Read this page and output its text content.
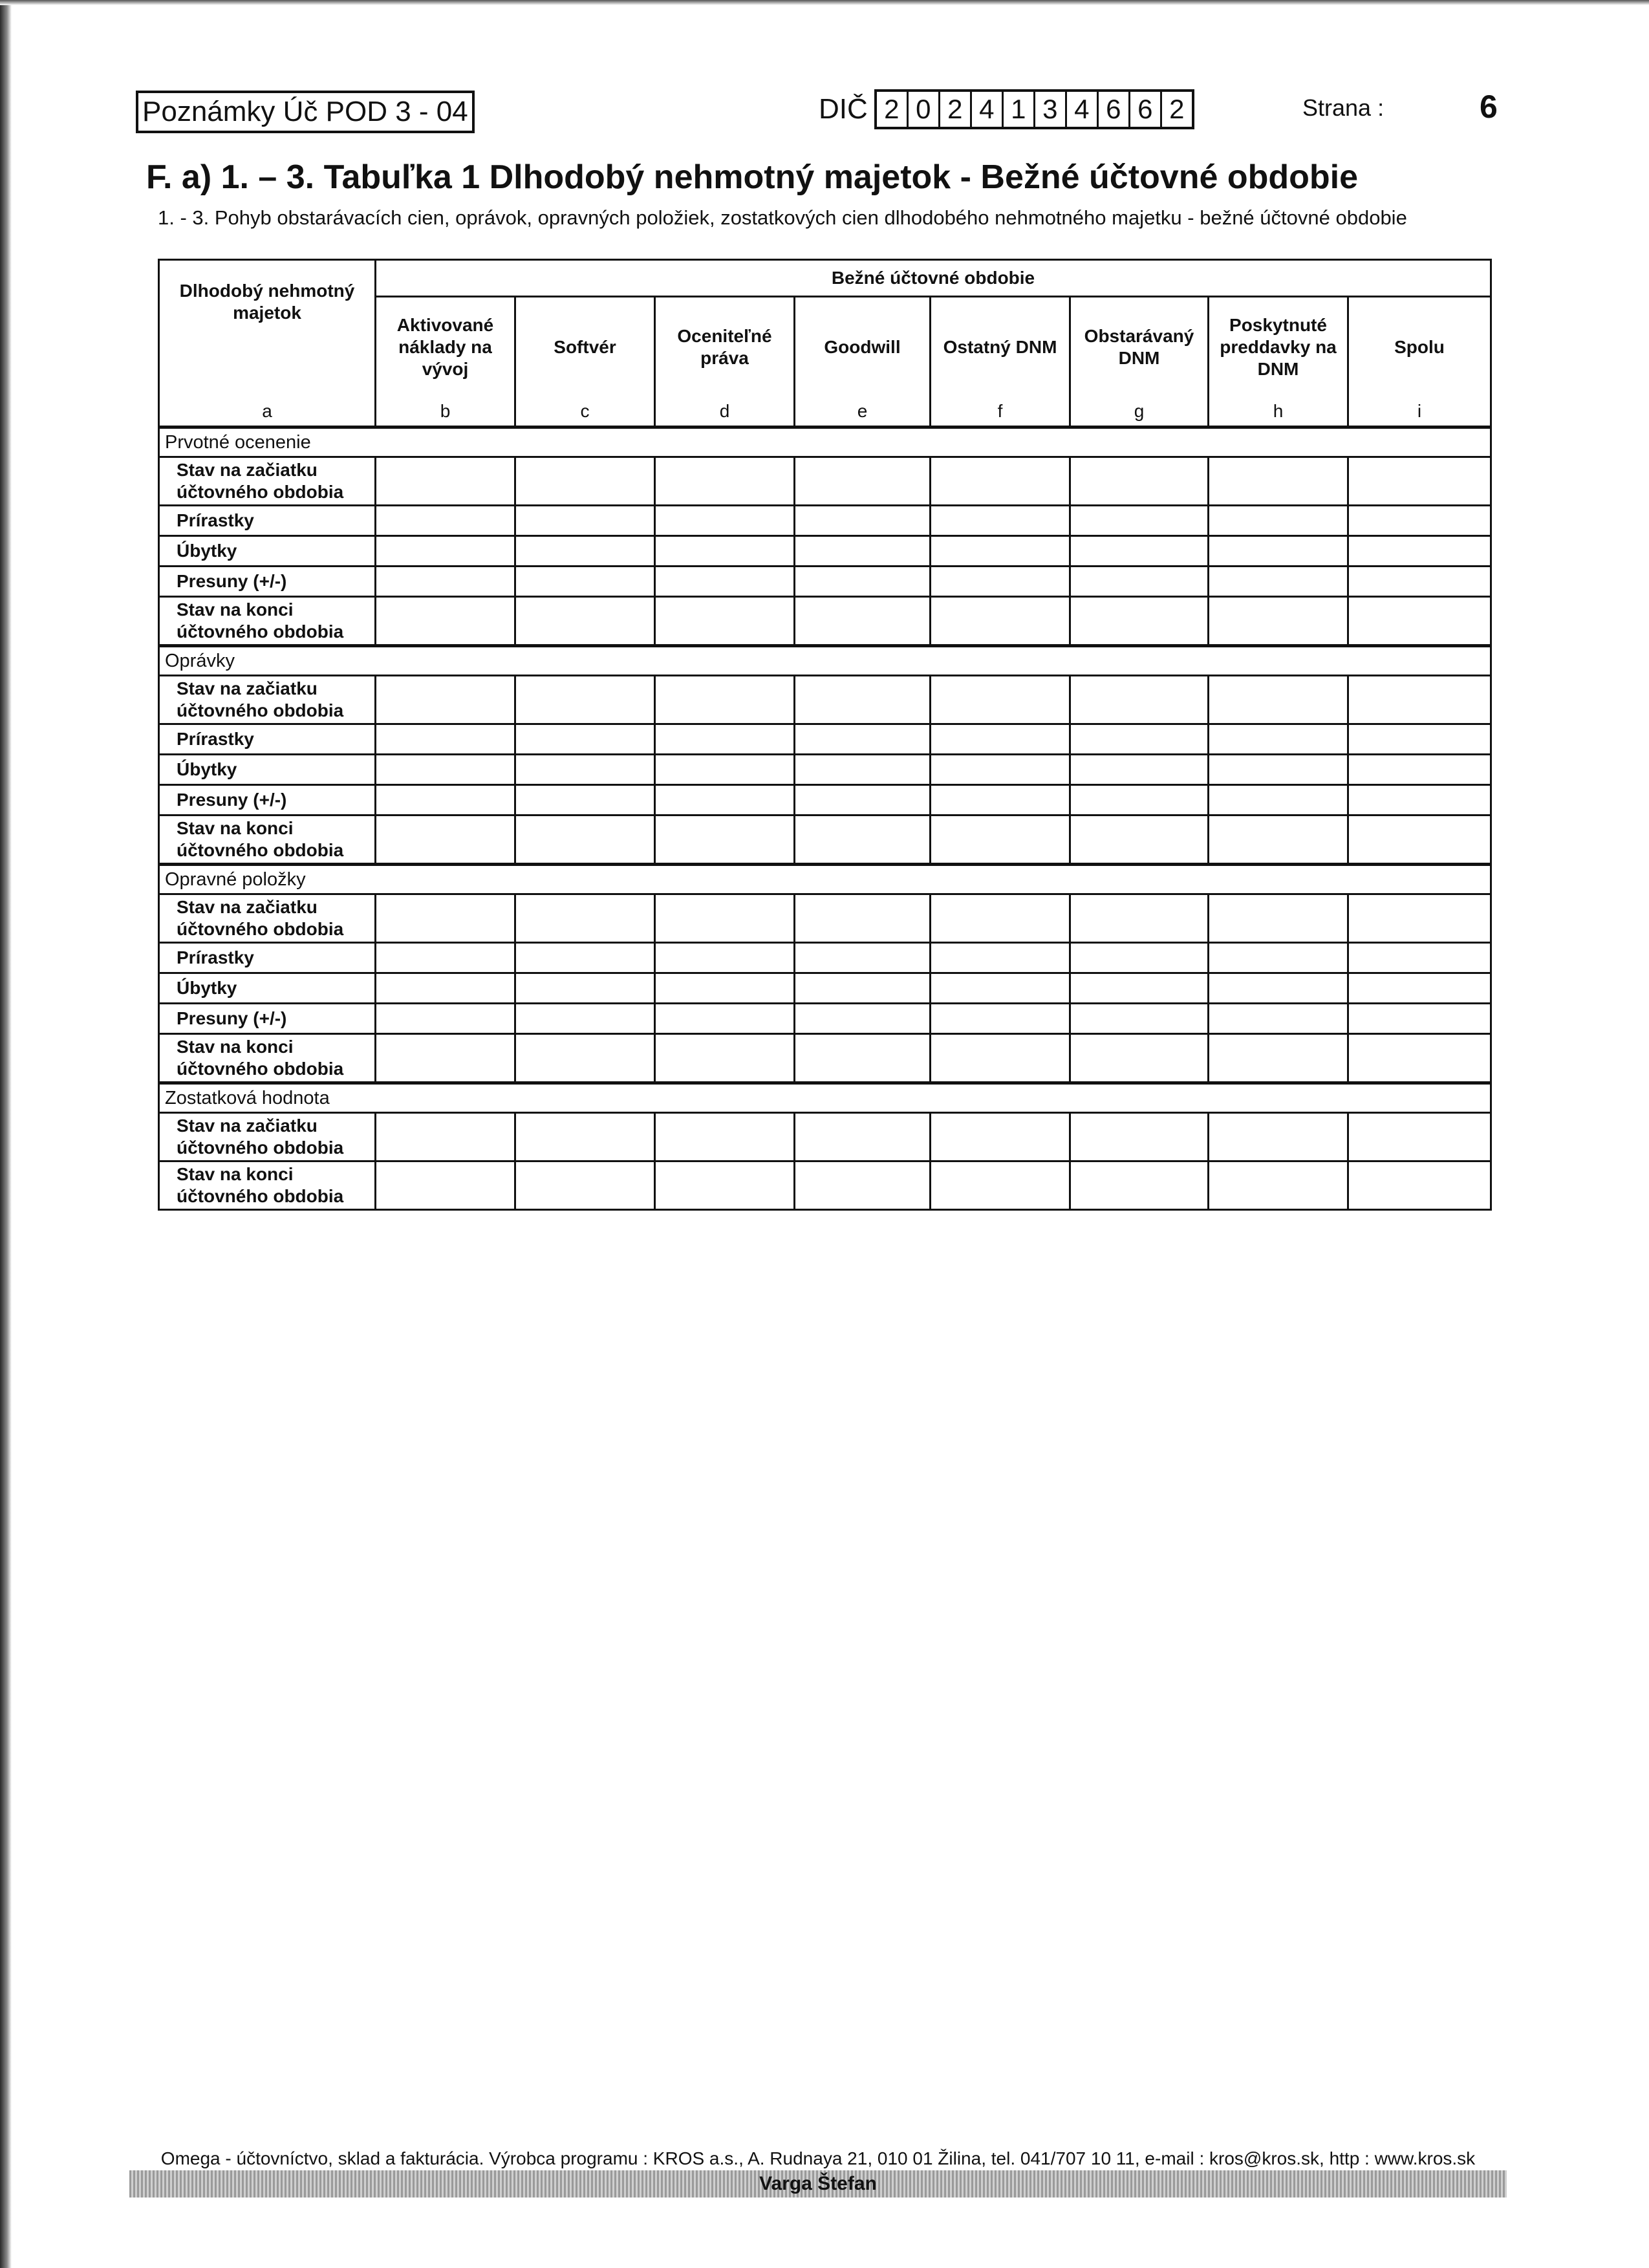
Poznámky Úč POD 3 - 04	DIČ 2 0 2 4 1 3 4 6 6 2	Strana :	6
F. a) 1. – 3. Tabuľka 1 Dlhodobý nehmotný majetok - Bežné účtovné obdobie
1. - 3. Pohyb obstarávacích cien, oprávok, opravných položiek, zostatkových cien dlhodobého nehmotného majetku - bežné účtovné obdobie
Dlhodobý nehmotný majetok	Bežné účtovné obdobie							
	Aktivované náklady na vývoj	Softvér	Oceniteľné práva	Goodwill	Ostatný DNM	Obstarávaný DNM	Poskytnuté preddavky na DNM	Spolu
a	b	c	d	e	f	g	h	i
Prvotné ocenenie								
Stav na začiatku účtovného obdobia								
Prírastky								
Úbytky								
Presuny (+/-)								
Stav na konci účtovného obdobia								
Oprávky								
Stav na začiatku účtovného obdobia								
Prírastky								
Úbytky								
Presuny (+/-)								
Stav na konci účtovného obdobia								
Opravné položky								
Stav na začiatku účtovného obdobia								
Prírastky								
Úbytky								
Presuny (+/-)								
Stav na konci účtovného obdobia								
Zostatková hodnota								
Stav na začiatku účtovného obdobia								
Stav na konci účtovného obdobia								
Omega - účtovníctvo, sklad a fakturácia. Výrobca programu : KROS a.s., A. Rudnaya 21, 010 01 Žilina, tel. 041/707 10 11, e-mail : kros@kros.sk, http : www.kros.sk
Varga Štefan
